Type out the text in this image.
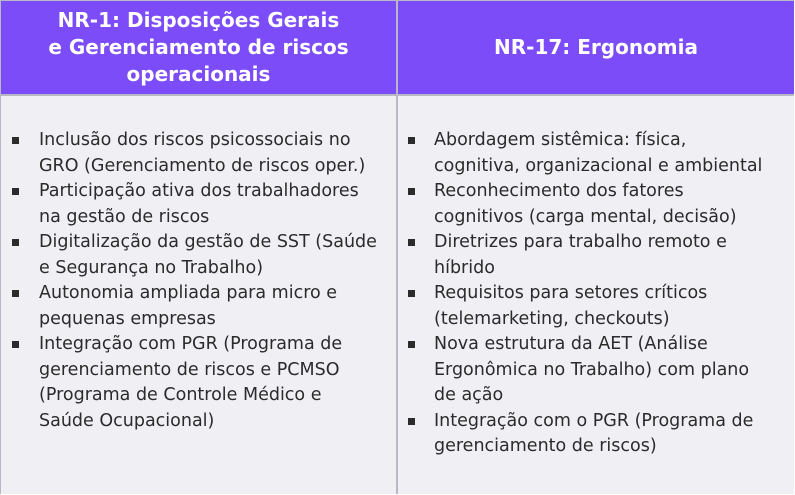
NR-1: Disposições Gerais
e Gerenciamento de riscos
operacionais
NR-17: Ergonomia
Inclusão dos riscos psicossociais no
GRO (Gerenciamento de riscos oper.)
Participação ativa dos trabalhadores
na gestão de riscos
Digitalização da gestão de SST (Saúde
e Segurança no Trabalho)
Autonomia ampliada para micro e
pequenas empresas
Integração com PGR (Programa de
gerenciamento de riscos e PCMSO
(Programa de Controle Médico e
Saúde Ocupacional)
Abordagem sistêmica: física,
cognitiva, organizacional e ambiental
Reconhecimento dos fatores
cognitivos (carga mental, decisão)
Diretrizes para trabalho remoto e
híbrido
Requisitos para setores críticos
(telemarketing, checkouts)
Nova estrutura da AET (Análise
Ergonômica no Trabalho) com plano
de ação
Integração com o PGR (Programa de
gerenciamento de riscos)
